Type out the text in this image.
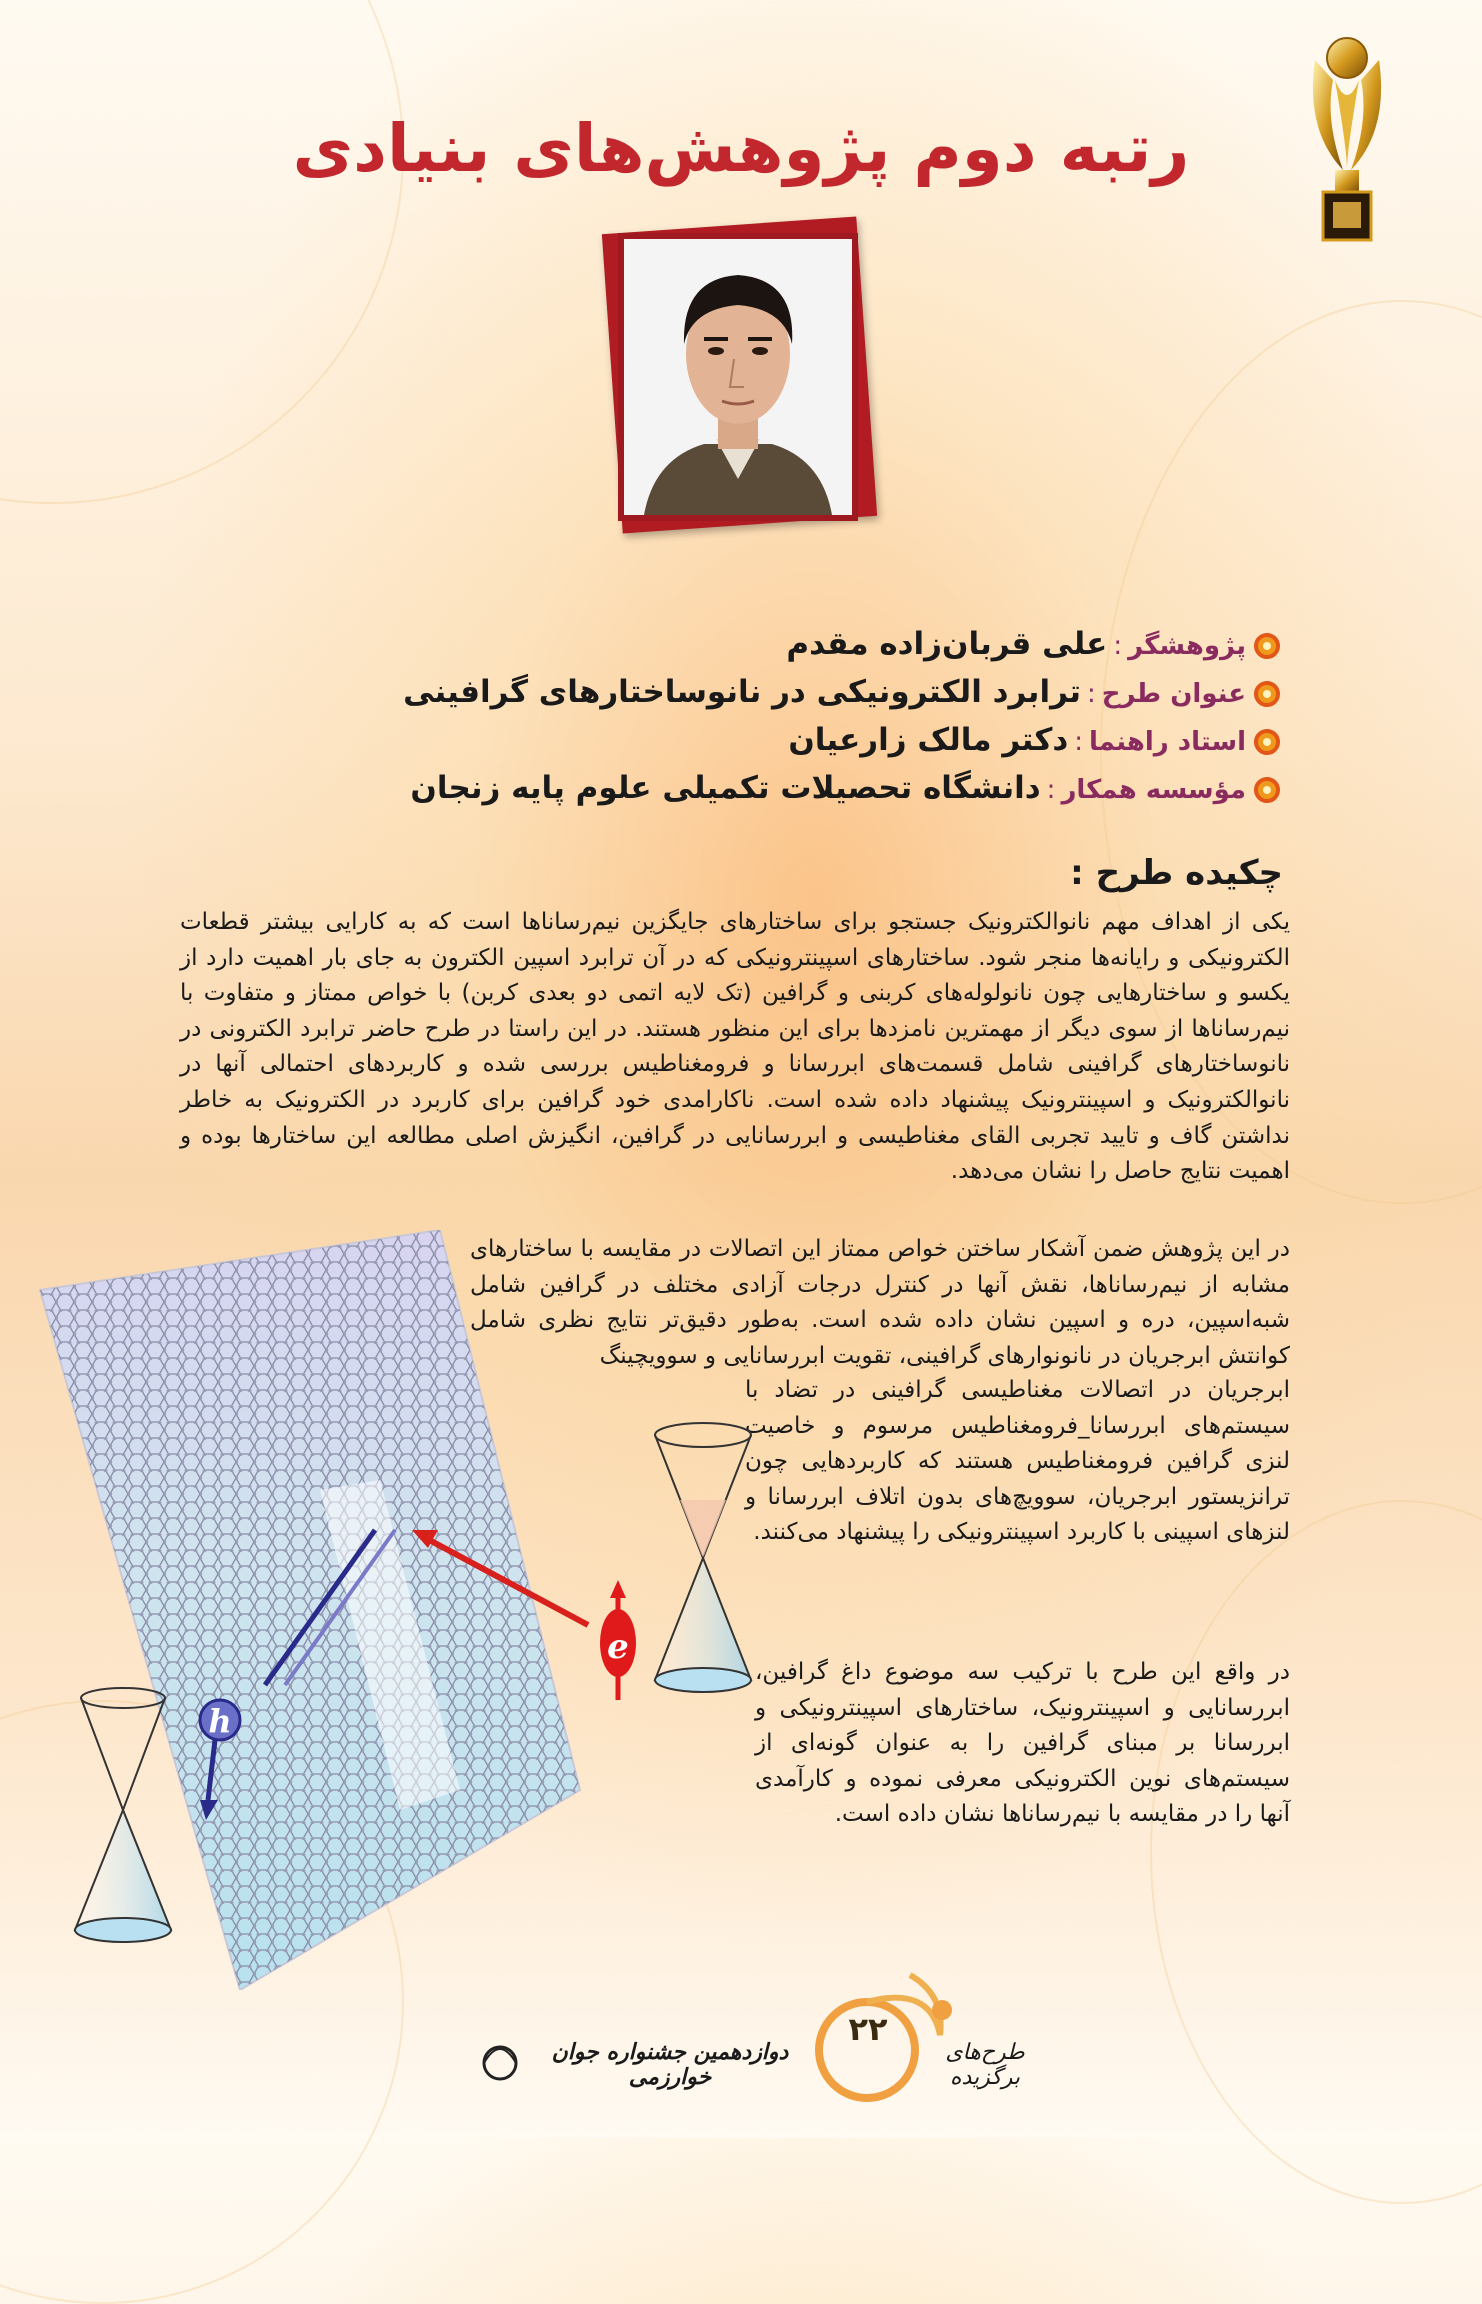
رتبه دوم پژوهش‌های بنیادی
پژوهشگر:علی قربان‌زاده مقدم
عنوان طرح:ترابرد الکترونیکی در نانوساختارهای گرافینی
استاد راهنما:دکتر مالک زارعیان
مؤسسه همکار:دانشگاه تحصیلات تکمیلی علوم پایه زنجان
چکیده طرح :

یکی از اهداف مهم نانوالکترونیک جستجو برای ساختارهای جایگزین نیم‌رساناها است که به کارایی بیشتر قطعات الکترونیکی و رایانه‌ها منجر شود. ساختارهای اسپینترونیکی که در آن ترابرد اسپین الکترون به جای بار اهمیت دارد از یکسو و ساختارهایی چون نانولوله‌های کربنی و گرافین (تک لایه اتمی دو بعدی کربن) با خواص ممتاز و متفاوت با نیم‌رساناها از سوی دیگر از مهمترین نامزدها برای این منظور هستند. در این راستا در طرح حاضر ترابرد الکترونی در نانوساختارهای گرافینی شامل قسمت‌های ابررسانا و فرومغناطیس بررسی شده و کاربردهای احتمالی آنها در نانوالکترونیک و اسپینترونیک پیشنهاد داده شده است. ناکارامدی خود گرافین برای کاربرد در الکترونیک به خاطر نداشتن گاف و تایید تجربی القای مغناطیسی و ابررسانایی در گرافین، انگیزش اصلی مطالعه این ساختارها بوده و اهمیت نتایج حاصل را نشان می‌دهد.

در این پژوهش ضمن آشکار ساختن خواص ممتاز این اتصالات در مقایسه با ساختارهای مشابه از نیم‌رساناها، نقش آنها در کنترل درجات آزادی مختلف در گرافین شامل شبه‌اسپین، دره و اسپین نشان داده شده است. به‌طور دقیق‌تر نتایج نظری شامل کوانتش ابرجریان در نانونوارهای گرافینی، تقویت ابررسانایی و سوویچینگ

ابرجریان در اتصالات مغناطیسی گرافینی در تضاد با سیستم‌های ابررسانا_فرومغناطیس مرسوم و خاصیت لنزی گرافین فرومغناطیس هستند که کاربردهایی چون ترانزیستور ابرجریان، سوویچ‌های بدون اتلاف ابررسانا و لنزهای اسپینی با کاربرد اسپینترونیکی را پیشنهاد می‌کنند.

در واقع این طرح با ترکیب سه موضوع داغ گرافین، ابررسانایی و اسپینترونیک، ساختارهای اسپینترونیکی و ابررسانا بر مبنای گرافین را به عنوان گونه‌ای از سیستم‌های نوین الکترونیکی معرفی نموده و کارآمدی آنها را در مقایسه با نیم‌رساناها نشان داده است.

e
h
۲۲
طرح‌های برگزیده
دوازدهمین جشنواره جوان خوارزمی
